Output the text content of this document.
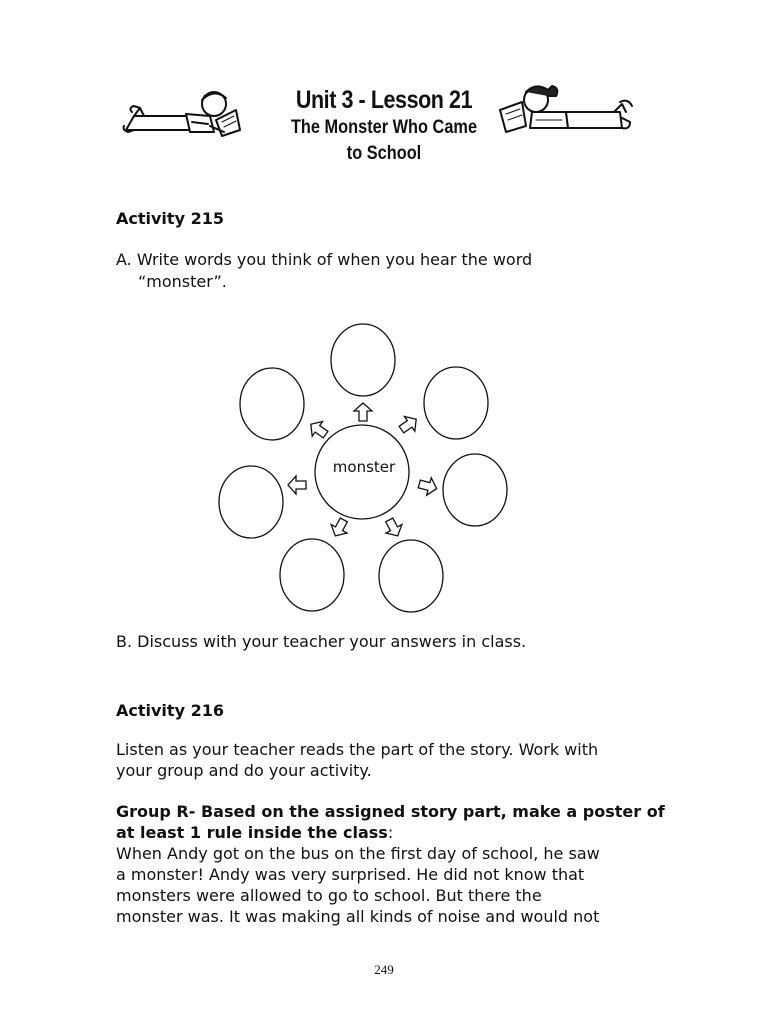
Unit 3 - Lesson 21
The Monster Who Came
to School
Activity 215
A. Write words you think of when you hear the word
“monster”.
monster
B. Discuss with your teacher your answers in class.
Activity 216
Listen as your teacher reads the part of the story. Work with
your group and do your activity.
Group R- Based on the assigned story part, make a poster of
at least 1 rule inside the class:
When Andy got on the bus on the first day of school, he saw
a monster! Andy was very surprised. He did not know that
monsters were allowed to go to school. But there the
monster was. It was making all kinds of noise and would not
249
